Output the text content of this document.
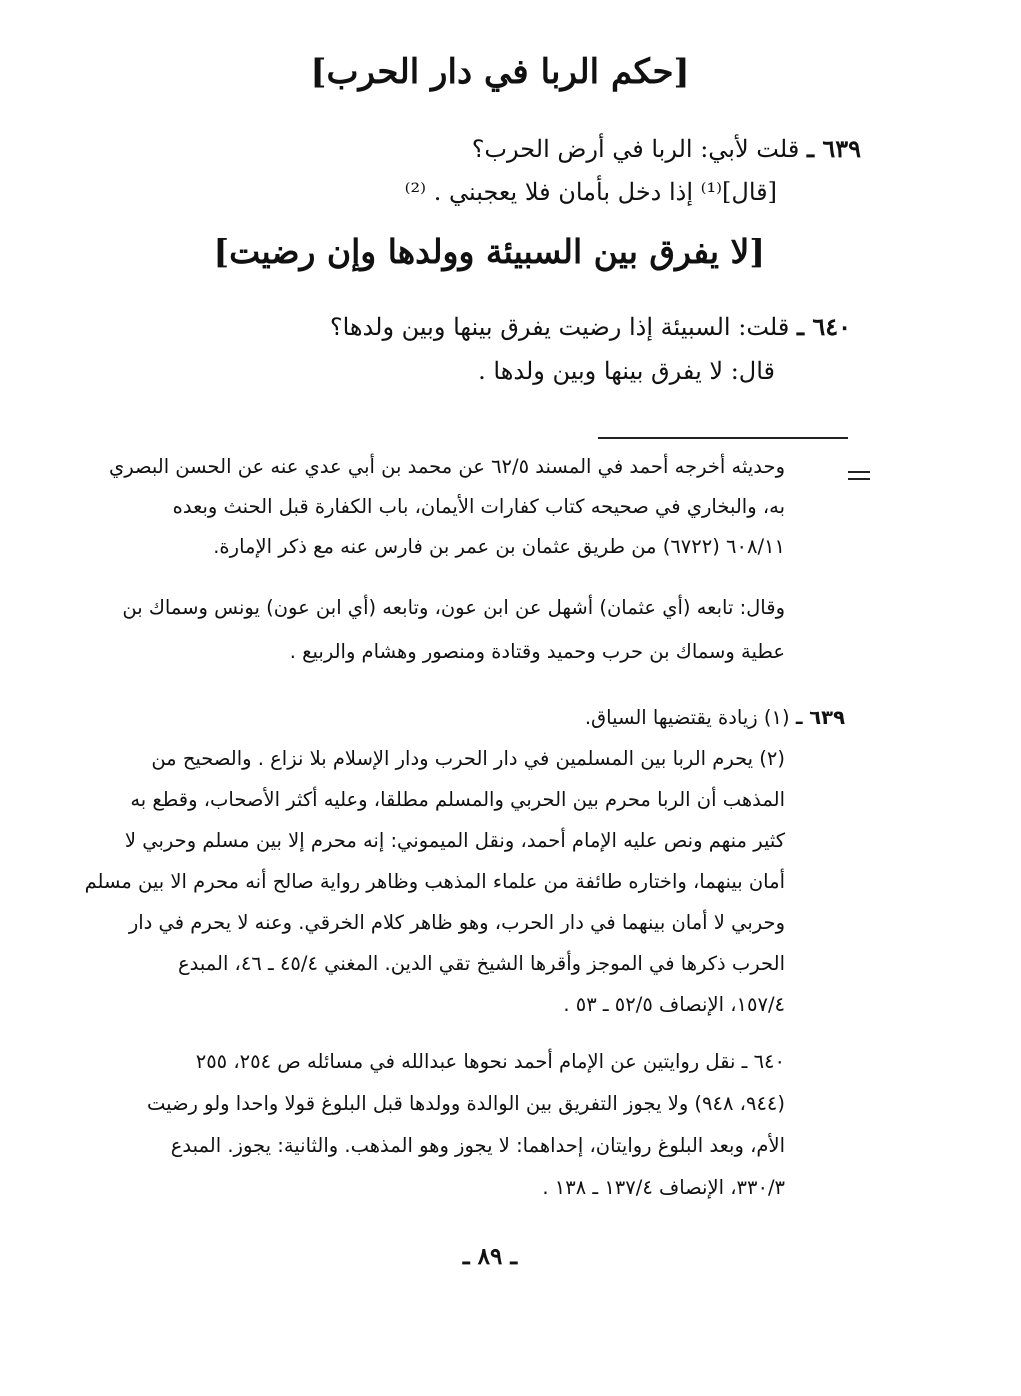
[حكم الربا في دار الحرب]
٦٣٩ ـ قلت لأبي: الربا في أرض الحرب؟
[قال]⁽¹⁾ إذا دخل بأمان فلا يعجبني . ⁽²⁾
[لا يفرق بين السبيئة وولدها وإن رضيت]
٦٤٠ ـ قلت: السبيئة إذا رضيت يفرق بينها وبين ولدها؟
قال: لا يفرق بينها وبين ولدها .
وحديثه أخرجه أحمد في المسند ٦٢/٥ عن محمد بن أبي عدي عنه عن الحسن البصري
به، والبخاري في صحيحه كتاب كفارات الأيمان، باب الكفارة قبل الحنث وبعده
٦٠٨/١١ (٦٧٢٢) من طريق عثمان بن عمر بن فارس عنه مع ذكر الإمارة.
وقال: تابعه (أي عثمان) أشهل عن ابن عون، وتابعه (أي ابن عون) يونس وسماك بن
عطية وسماك بن حرب وحميد وقتادة ومنصور وهشام والربيع .
٦٣٩ ـ (١) زيادة يقتضيها السياق.
(٢) يحرم الربا بين المسلمين في دار الحرب ودار الإسلام بلا نزاع . والصحيح من
المذهب أن الربا محرم بين الحربي والمسلم مطلقا، وعليه أكثر الأصحاب، وقطع به
كثير منهم ونص عليه الإمام أحمد، ونقل الميموني: إنه محرم إلا بين مسلم وحربي لا
أمان بينهما، واختاره طائفة من علماء المذهب وظاهر رواية صالح أنه محرم الا بين مسلم
وحربي لا أمان بينهما في دار الحرب، وهو ظاهر كلام الخرقي. وعنه لا يحرم في دار
الحرب ذكرها في الموجز وأقرها الشيخ تقي الدين. المغني ٤٥/٤ ـ ٤٦، المبدع
١٥٧/٤، الإنصاف ٥٢/٥ ـ ٥٣ .
٦٤٠ ـ نقل روايتين عن الإمام أحمد نحوها عبدالله في مسائله ص ٢٥٤، ٢٥٥
(٩٤٤، ٩٤٨) ولا يجوز التفريق بين الوالدة وولدها قبل البلوغ قولا واحدا ولو رضيت
الأم، وبعد البلوغ روايتان، إحداهما: لا يجوز وهو المذهب. والثانية: يجوز. المبدع
٣٣٠/٣، الإنصاف ١٣٧/٤ ـ ١٣٨ .
ـ ٨٩ ـ
